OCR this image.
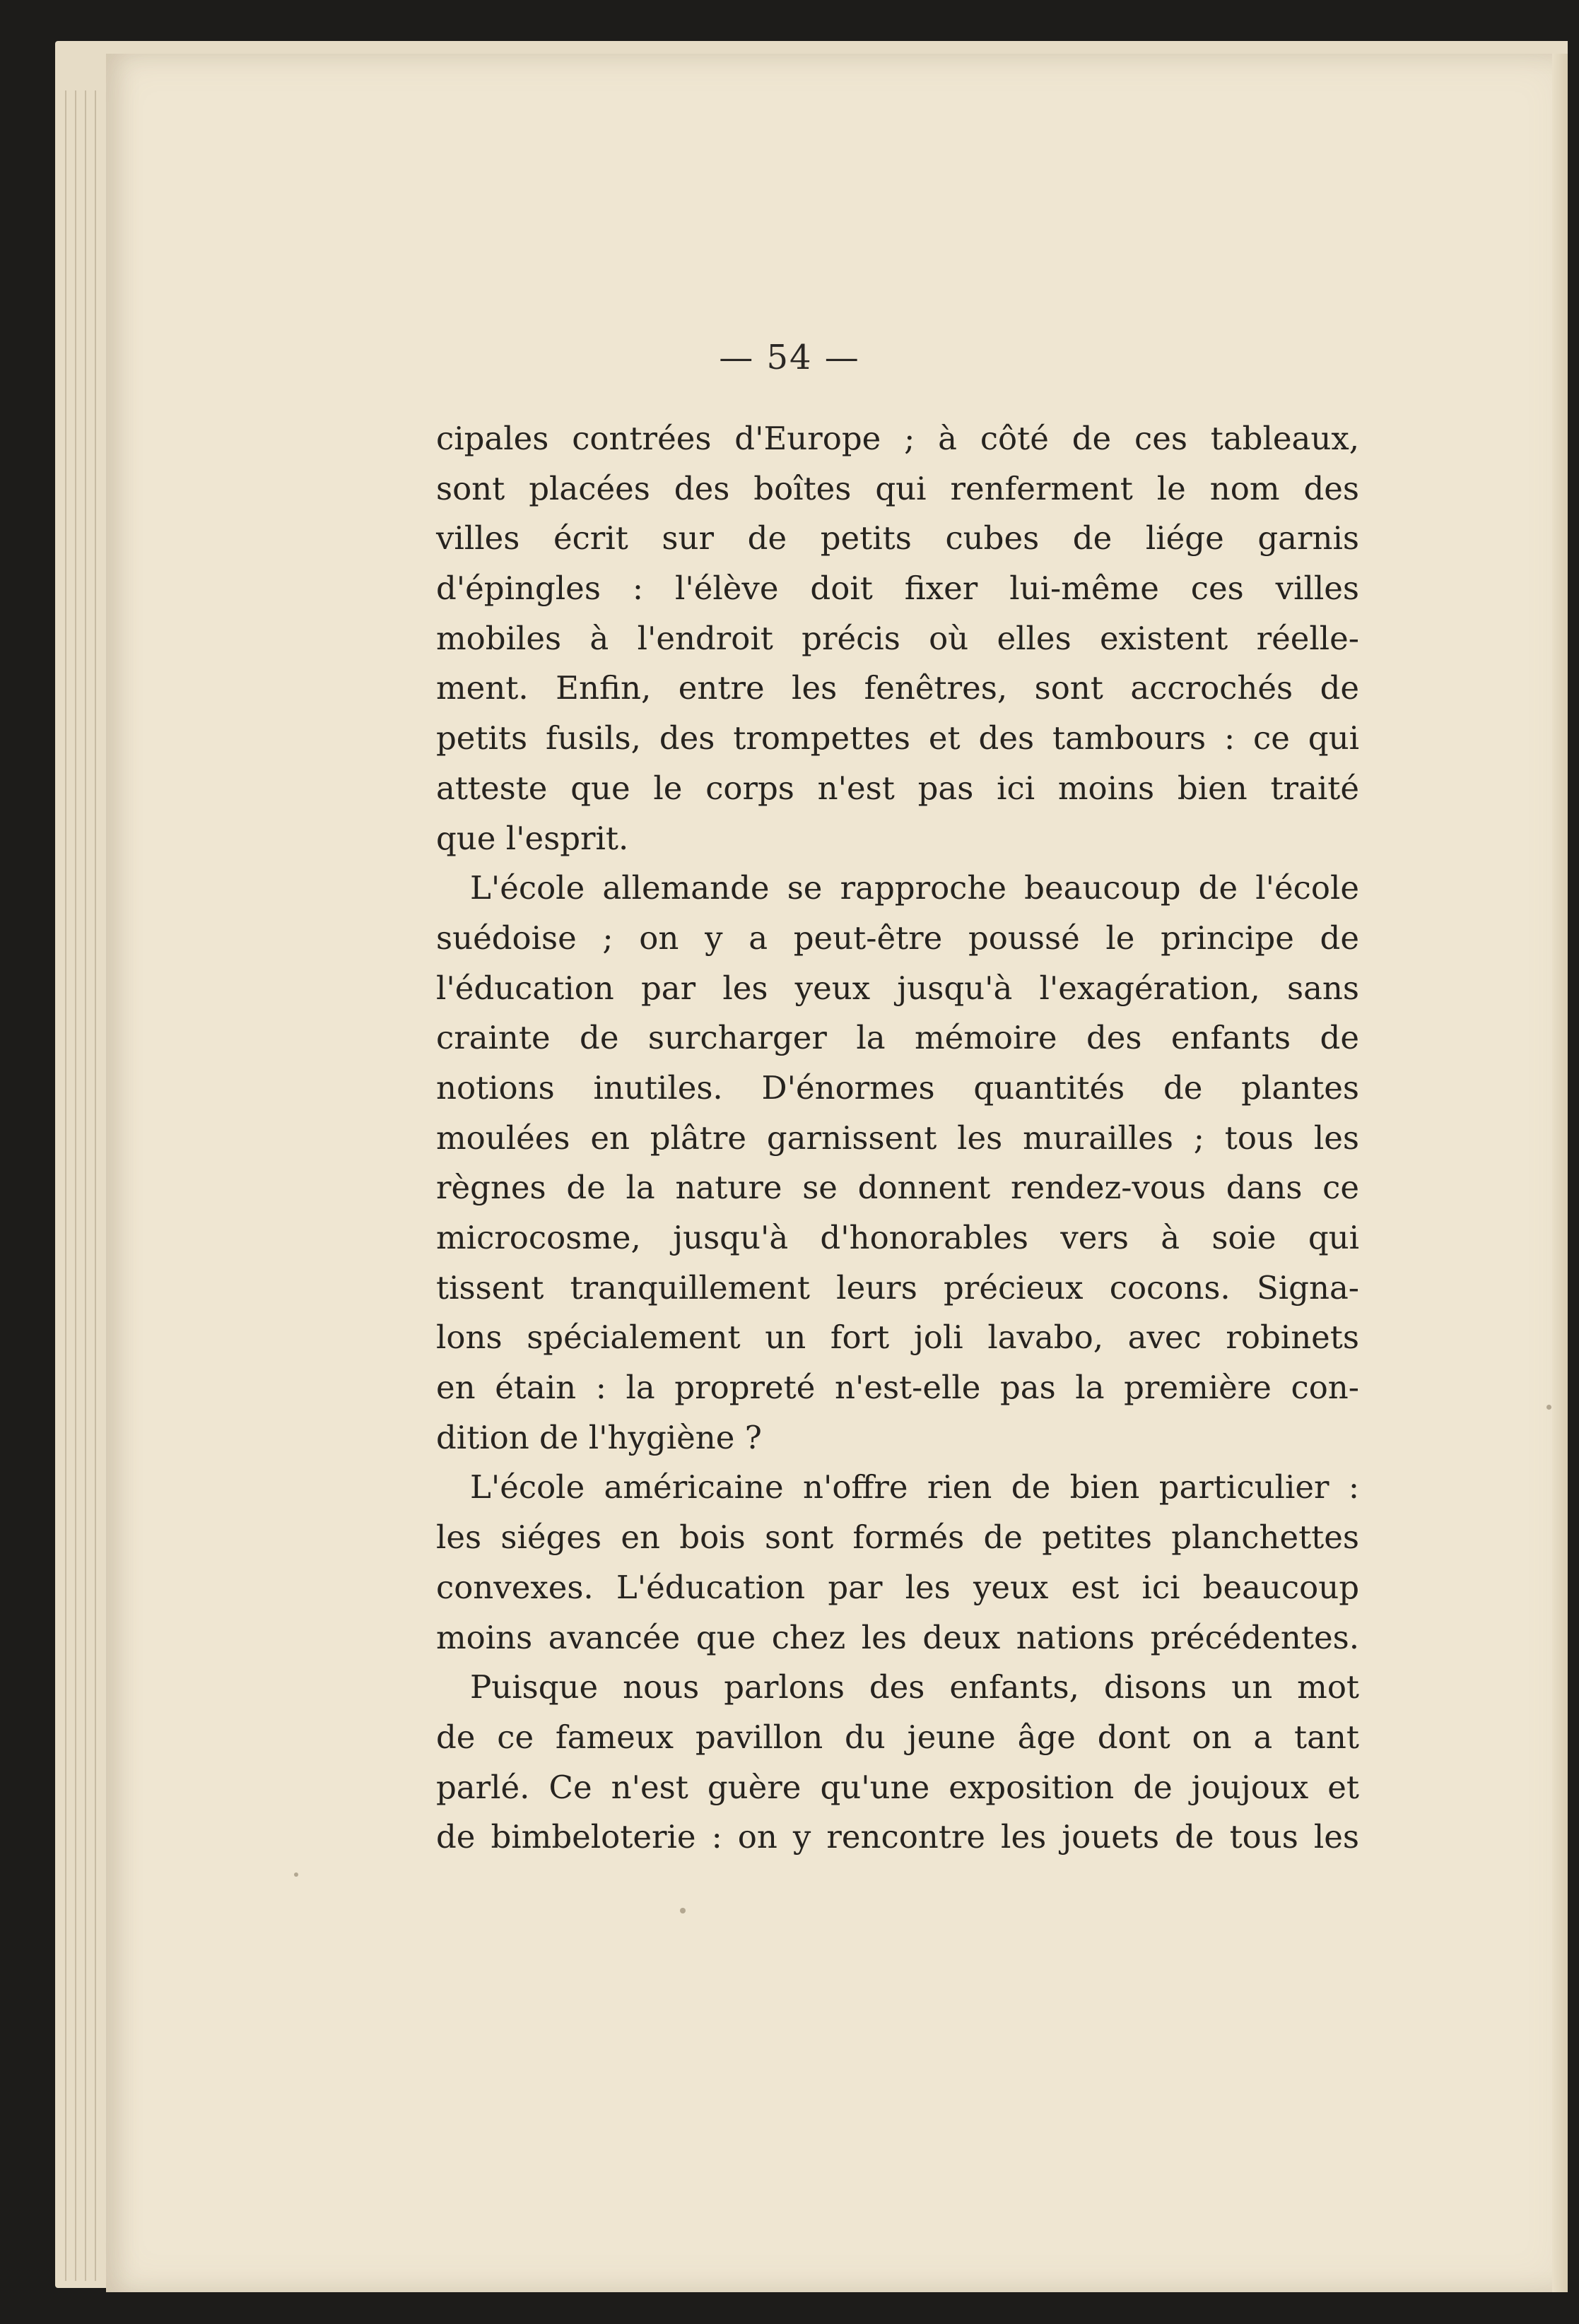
— 54 —
cipales contrées d'Europe ; à côté de ces tableaux,
sont placées des boîtes qui renferment le nom des
villes écrit sur de petits cubes de liége garnis
d'épingles : l'élève doit fixer lui-même ces villes
mobiles à l'endroit précis où elles existent réelle-
ment. Enfin, entre les fenêtres, sont accrochés de
petits fusils, des trompettes et des tambours : ce qui
atteste que le corps n'est pas ici moins bien traité
que l'esprit.
L'école allemande se rapproche beaucoup de l'école
suédoise ; on y a peut-être poussé le principe de
l'éducation par les yeux jusqu'à l'exagération, sans
crainte de surcharger la mémoire des enfants de
notions inutiles. D'énormes quantités de plantes
moulées en plâtre garnissent les murailles ; tous les
règnes de la nature se donnent rendez-vous dans ce
microcosme, jusqu'à d'honorables vers à soie qui
tissent tranquillement leurs précieux cocons. Signa-
lons spécialement un fort joli lavabo, avec robinets
en étain : la propreté n'est-elle pas la première con-
dition de l'hygiène ?
L'école américaine n'offre rien de bien particulier :
les siéges en bois sont formés de petites planchettes
convexes. L'éducation par les yeux est ici beaucoup
moins avancée que chez les deux nations précédentes.
Puisque nous parlons des enfants, disons un mot
de ce fameux pavillon du jeune âge dont on a tant
parlé. Ce n'est guère qu'une exposition de joujoux et
de bimbeloterie : on y rencontre les jouets de tous les
